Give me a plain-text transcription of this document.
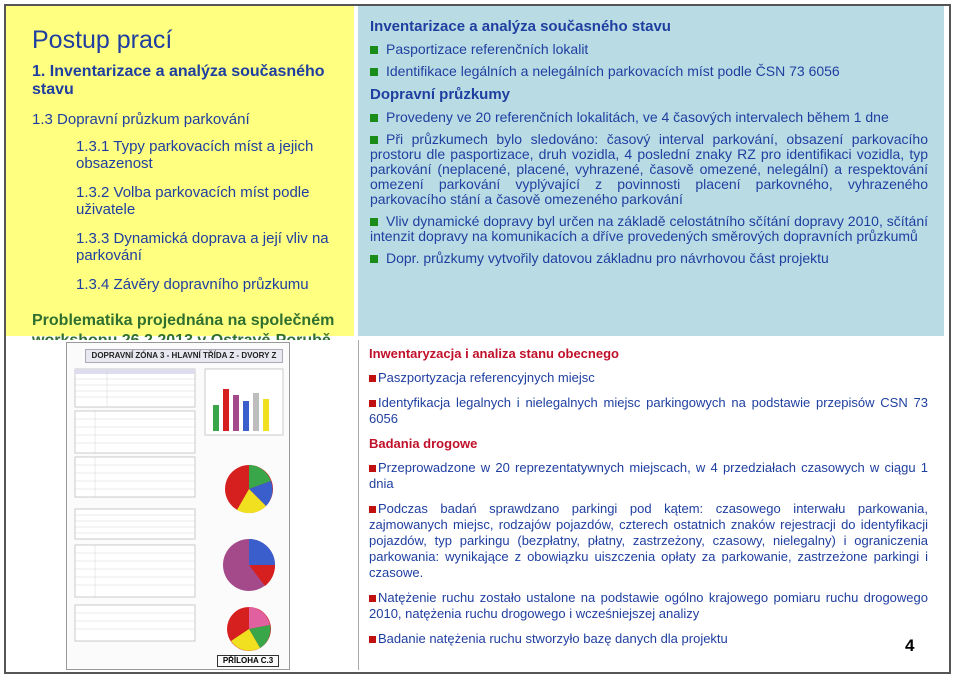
Postup prací
1. Inventarizace a analýza současného stavu
1.3 Dopravní průzkum parkování
1.3.1 Typy parkovacích míst a jejich obsazenost
1.3.2 Volba parkovacích míst podle uživatele
1.3.3 Dynamická doprava a její vliv na parkování
1.3.4 Závěry dopravního průzkumu
Problematika projednána na společném
DOPRAVNÍ ZÓNA 3 - HLAVNÍ TŘÍDA Z - DVORY Z
PŘÍLOHA C.3
Inventarizace a analýza současného stavu
Pasportizace referenčních lokalit
Identifikace legálních a nelegálních parkovacích míst podle ČSN 73 6056
Dopravní průzkumy
Provedeny ve 20 referenčních lokalitách, ve 4 časových intervalech během 1 dne
Při průzkumech bylo sledováno: časový interval parkování, obsazení parkovacího prostoru dle pasportizace, druh vozidla, 4 poslední znaky RZ pro identifikaci vozidla, typ parkování (neplacené, placené, vyhrazené, časově omezené, nelegální) a respektování omezení parkování vyplývající z povinnosti placení parkovného, vyhrazeného parkovacího stání a časově omezeného parkování
Vliv dynamické dopravy byl určen na základě celostátního sčítání dopravy 2010, sčítání intenzit dopravy na komunikacích a dříve provedených směrových dopravních průzkumů
Dopr. průzkumy vytvořily datovou základnu pro návrhovou část projektu
Inwentaryzacja i analiza stanu obecnego
Paszportyzacja referencyjnych miejsc
Identyfikacja legalnych i nielegalnych miejsc parkingowych na podstawie przepisów CSN 73 6056
Badania drogowe
Przeprowadzone w 20 reprezentatywnych miejscach, w 4 przedziałach czasowych w ciągu 1 dnia
Podczas badań sprawdzano parkingi pod kątem: czasowego interwału parkowania, zajmowanych miejsc, rodzajów pojazdów, czterech ostatnich znaków rejestracji do identyfikacji pojazdów, typ parkingu (bezpłatny, płatny, zastrzeżony, czasowy, nielegalny) i ograniczenia parkowania: wynikające z obowiązku uiszczenia opłaty za parkowanie, zastrzeżone parkingi i czasowe.
Natężenie ruchu zostało ustalone na podstawie ogólno krajowego pomiaru ruchu drogowego 2010, natężenia ruchu drogowego i wcześniejszej analizy
Badanie natężenia ruchu stworzyło bazę danych dla projektu	4
